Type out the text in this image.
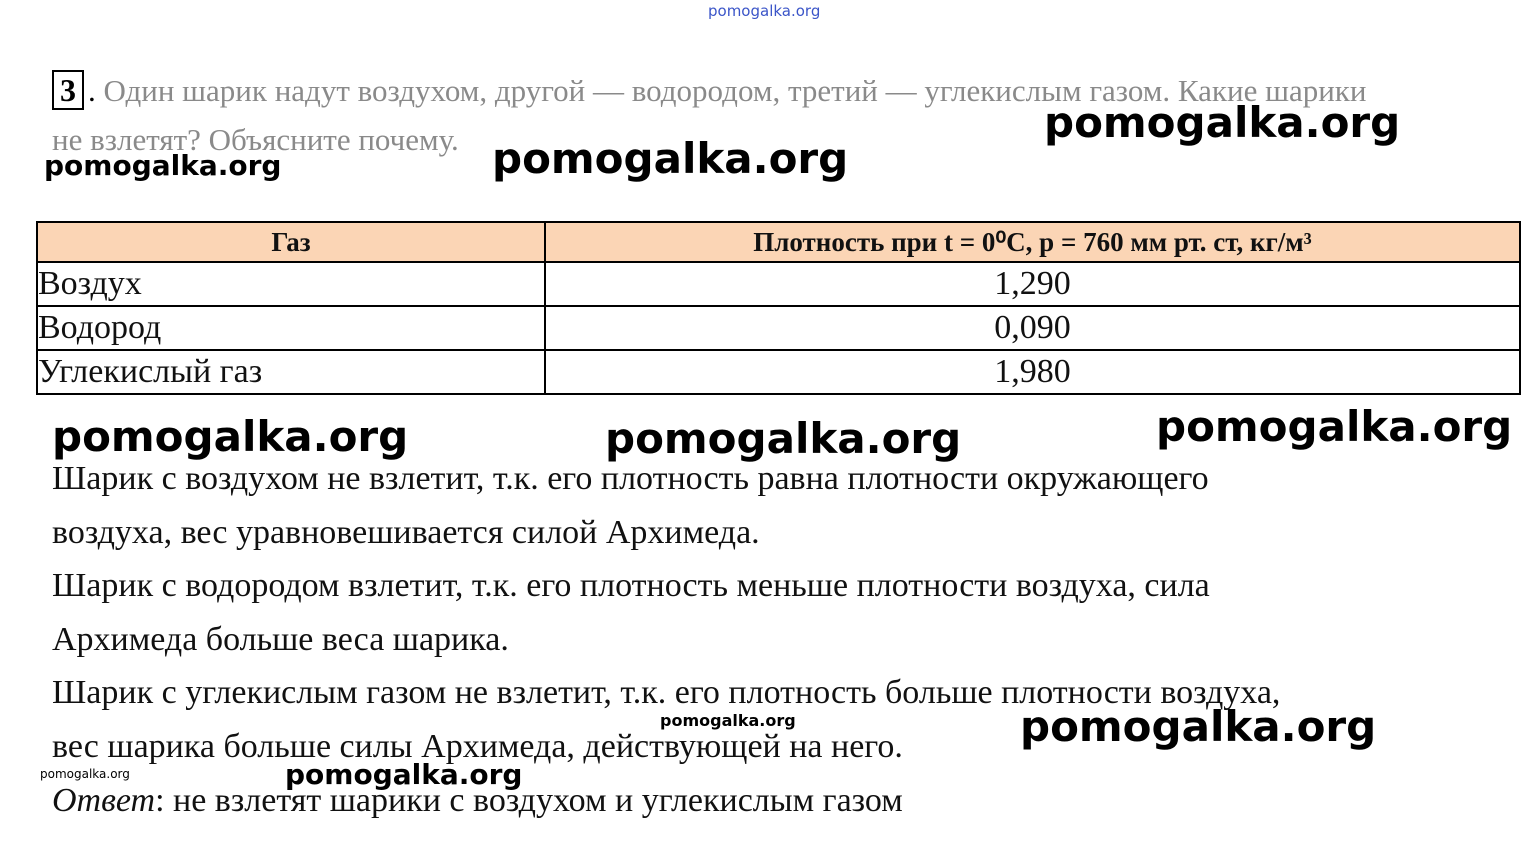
pomogalka.org
pomogalka.org
pomogalka.org
pomogalka.org
pomogalka.org	pomogalka.org	pomogalka.org
pomogalka.org	pomogalka.org
pomogalka.org	pomogalka.org
3 . Один шарик надут воздухом, другой — водородом, третий — углекислым газом. Какие шарики
не взлетят? Объясните почему.
Газ	Плотность при t = 0⁰C, p = 760 мм рт. ст, кг/м³
Воздух	1,290
Водород	0,090
Углекислый газ	1,980
Шарик с воздухом не взлетит, т.к. его плотность равна плотности окружающего
воздуха, вес уравновешивается силой Архимеда.
Шарик с водородом взлетит, т.к. его плотность меньше плотности воздуха, сила
Архимеда больше веса шарика.
Шарик с углекислым газом не взлетит, т.к. его плотность больше плотности воздуха,
вес шарика больше силы Архимеда, действующей на него.
Ответ: не взлетят шарики с воздухом и углекислым газом
